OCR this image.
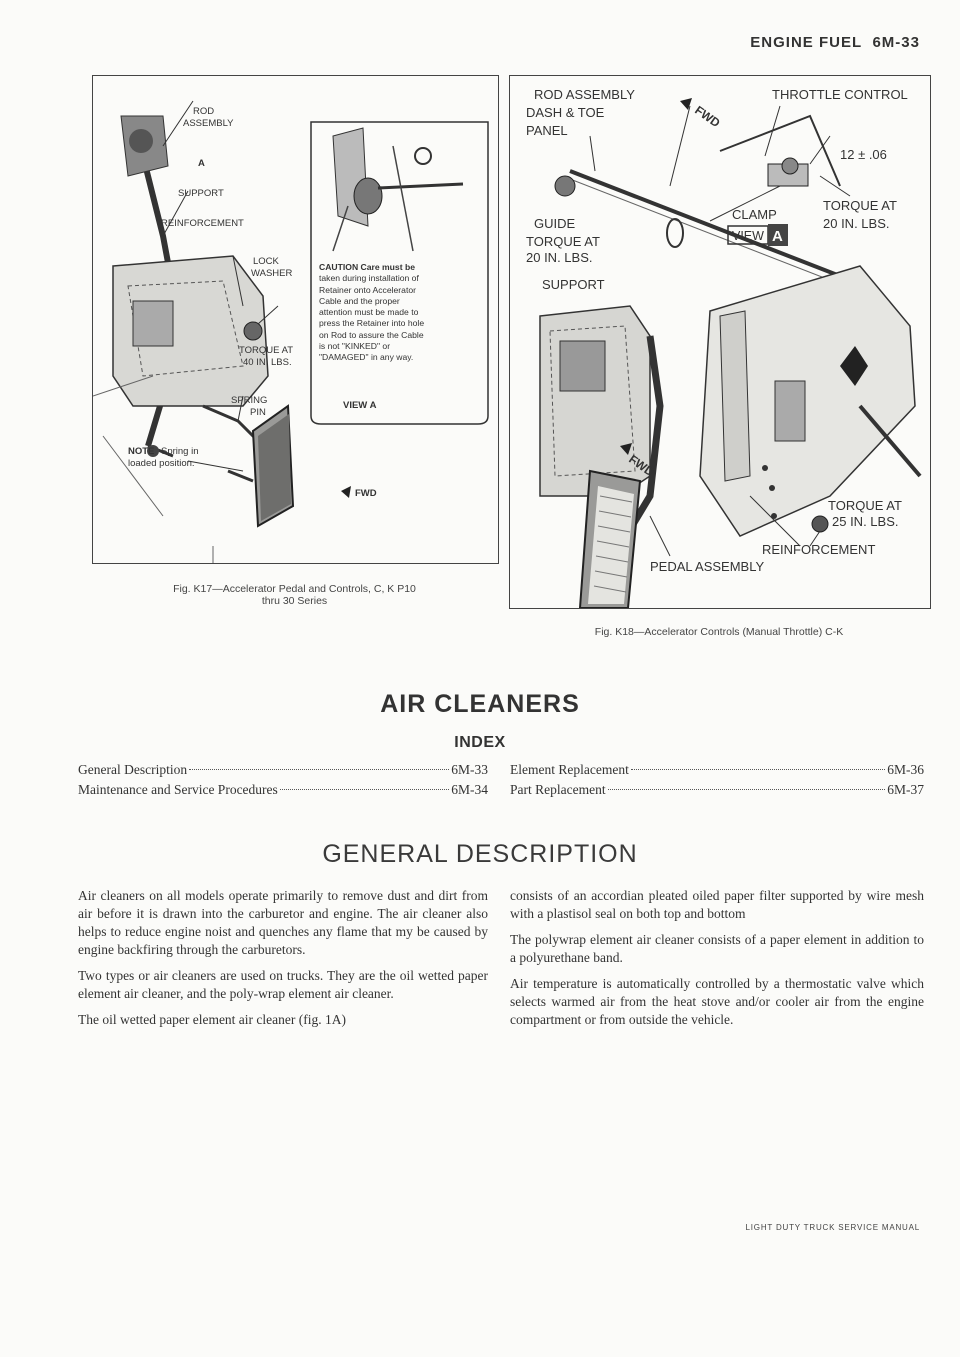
ENGINE FUEL 6M-33
ROD
ASSEMBLY
A
SUPPORT
REINFORCEMENT
LOCK
WASHER
TORQUE AT
40 IN. LBS.
SPRING
PIN
NOTE Spring in
loaded position.
FWD
CAUTION Care must be
taken during installation of
Retainer onto Accelerator
Cable and the proper
attention must be made to
press the Retainer into hole
on Rod to assure the Cable
is not "KINKED" or
"DAMAGED" in any way.
VIEW A
Fig. K17—Accelerator Pedal and Controls, C, K P10
thru 30 Series
ROD ASSEMBLY
DASH & TOE
PANEL
THROTTLE CONTROL
FWD
12 ± .06
GUIDE
TORQUE AT
20 IN. LBS.
SUPPORT
CLAMP
TORQUE AT
20 IN. LBS.
VIEW A
FWD
TORQUE AT
25 IN. LBS.
REINFORCEMENT
PEDAL ASSEMBLY
Fig. K18—Accelerator Controls (Manual Throttle) C-K
AIR CLEANERS
INDEX
General Description	6M-33
Maintenance and Service Procedures	6M-34
Element Replacement	6M-36
Part Replacement	6M-37
GENERAL DESCRIPTION

Air cleaners on all models operate primarily to remove dust and dirt from air before it is drawn into the carburetor and engine. The air cleaner also helps to reduce engine noist and quenches any flame that my be caused by engine backfiring through the carburetors.

Two types or air cleaners are used on trucks. They are the oil wetted paper element air cleaner, and the poly-wrap element air cleaner.

The oil wetted paper element air cleaner (fig. 1A)

consists of an accordian pleated oiled paper filter supported by wire mesh with a plastisol seal on both top and bottom

The polywrap element air cleaner consists of a paper element in addition to a polyurethane band.

Air temperature is automatically controlled by a thermostatic valve which selects warmed air from the heat stove and/or cooler air from the engine compartment or from outside the vehicle.

LIGHT DUTY TRUCK SERVICE MANUAL
